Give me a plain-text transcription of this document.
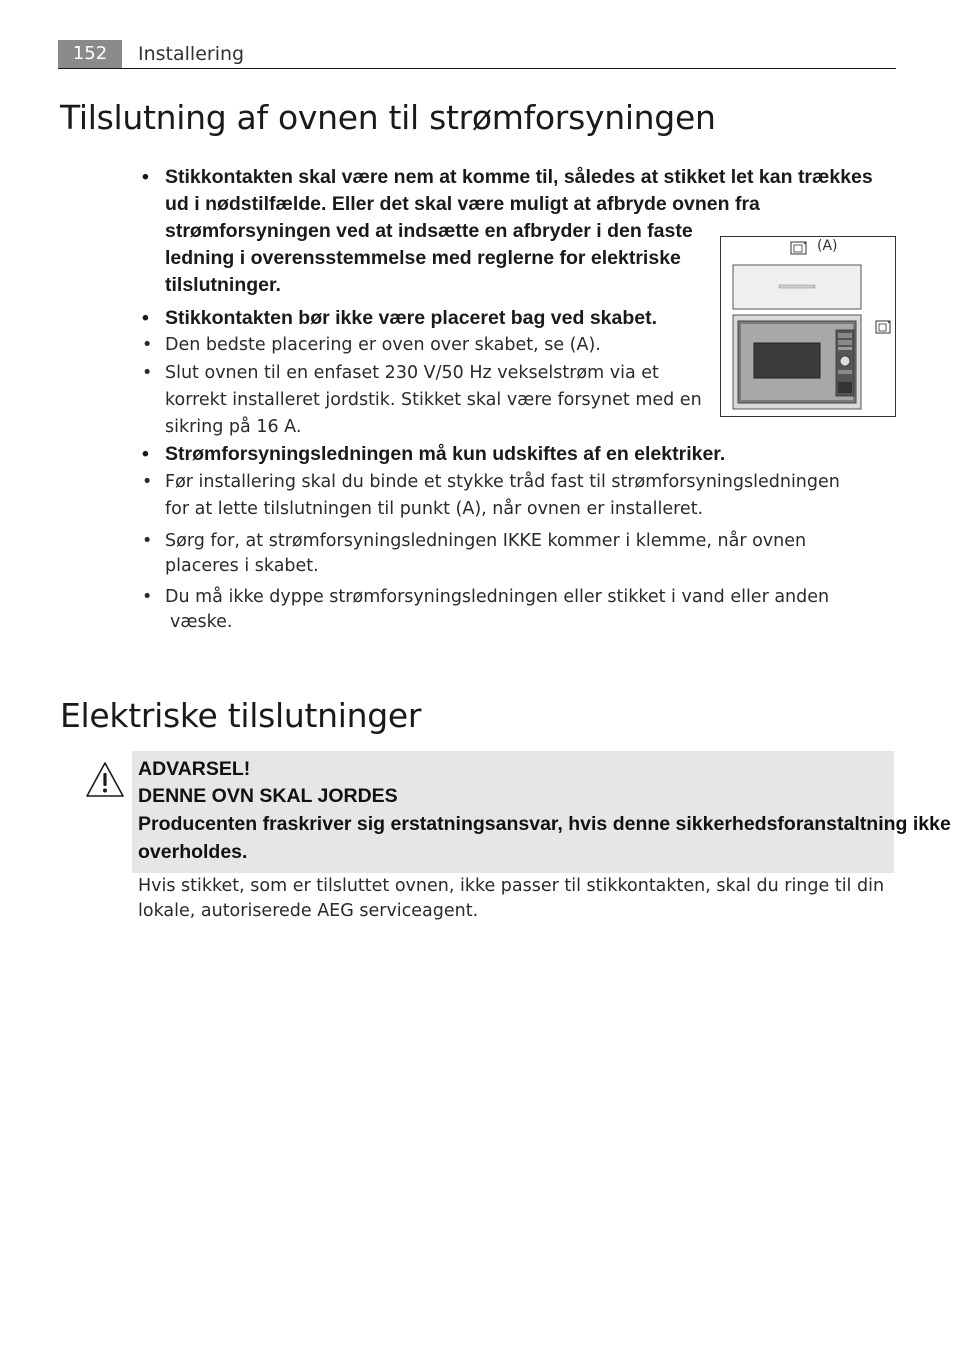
152	Installering
Tilslutning af ovnen til strømforsyningen
• Stikkontakten skal være nem at komme til, således at stikket let kan trækkes
ud i nødstilfælde. Eller det skal være muligt at afbryde ovnen fra
strømforsyningen ved at indsætte en afbryder i den faste
ledning i overensstemmelse med reglerne for elektriske
tilslutninger.
• Stikkontakten bør ikke være placeret bag ved skabet.
• Den bedste placering er oven over skabet, se (A).
• Slut ovnen til en enfaset 230 V/50 Hz vekselstrøm via et
korrekt installeret jordstik. Stikket skal være forsynet med en
sikring på 16 A.
• Strømforsyningsledningen må kun udskiftes af en elektriker.
• Før installering skal du binde et stykke tråd fast til strømforsyningsledningen
for at lette tilslutningen til punkt (A), når ovnen er installeret.
• Sørg for, at strømforsyningsledningen IKKE kommer i klemme, når ovnen
placeres i skabet.
• Du må ikke dyppe strømforsyningsledningen eller stikket i vand eller anden
væske.
(A)
Elektriske tilslutninger
ADVARSEL!
DENNE OVN SKAL JORDES
Producenten fraskriver sig erstatningsansvar, hvis denne sikkerhedsforanstaltning ikke
overholdes.
Hvis stikket, som er tilsluttet ovnen, ikke passer til stikkontakten, skal du ringe til din
lokale, autoriserede AEG serviceagent.
